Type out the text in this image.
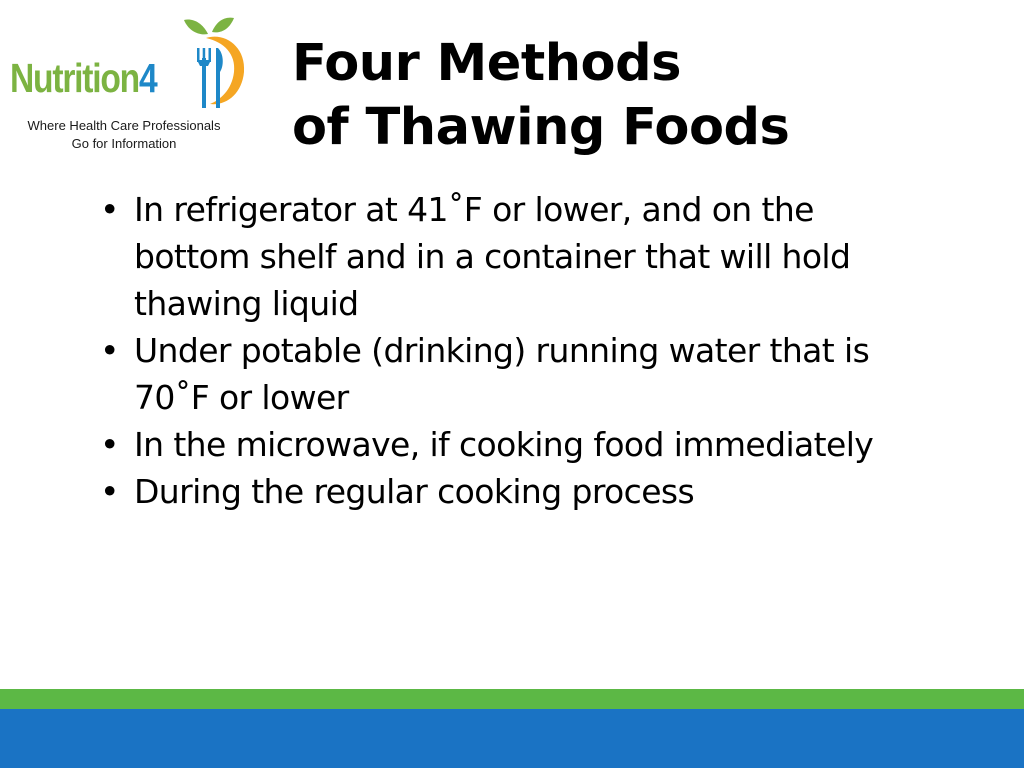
Nutrition4
Where Health Care Professionals
Go for Information
Four Methods
of Thawing Foods
• In refrigerator at 41˚F or lower, and on the
bottom shelf and in a container that will hold
thawing liquid
• Under potable (drinking) running water that is
70˚F or lower
• In the microwave, if cooking food immediately
• During the regular cooking process
